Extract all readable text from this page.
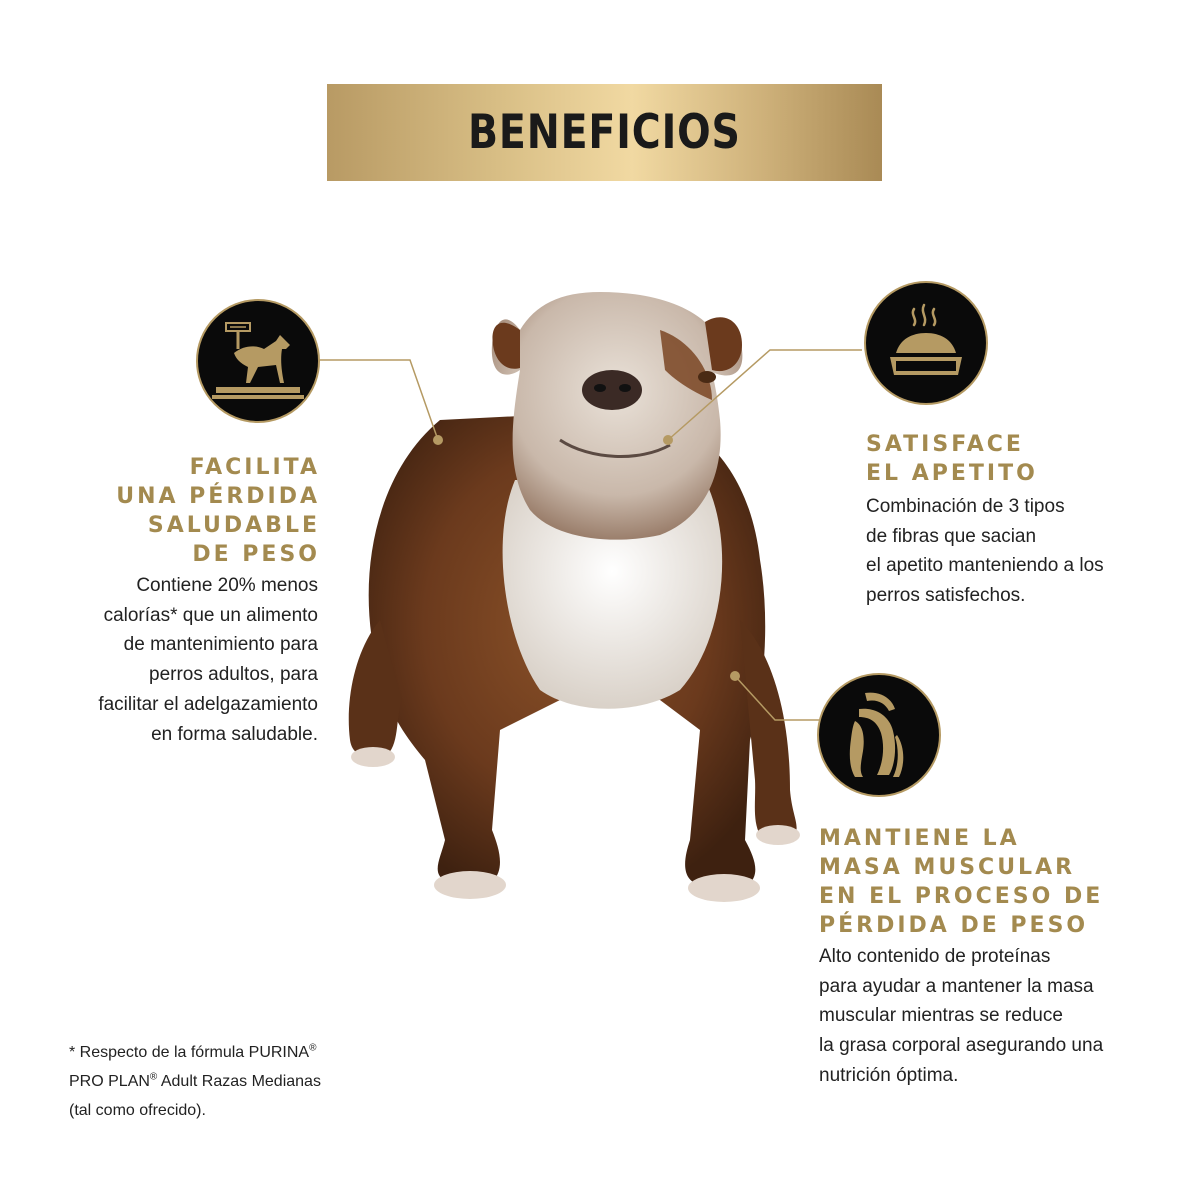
BENEFICIOS
FACILITA
UNA PÉRDIDA
SALUDABLE
DE PESO

Contiene 20% menos
calorías* que un alimento
de mantenimiento para
perros adultos, para
facilitar el adelgazamiento
en forma saludable.

SATISFACE
EL APETITO

Combinación de 3 tipos
de fibras que sacian
el apetito manteniendo a los
perros satisfechos.

MANTIENE LA
MASA MUSCULAR
EN EL PROCESO DE
PÉRDIDA DE PESO

Alto contenido de proteínas
para ayudar a mantener la masa
muscular mientras se reduce
la grasa corporal asegurando una
nutrición óptima.

* Respecto de la fórmula PURINA®
PRO PLAN® Adult Razas Medianas
(tal como ofrecido).
